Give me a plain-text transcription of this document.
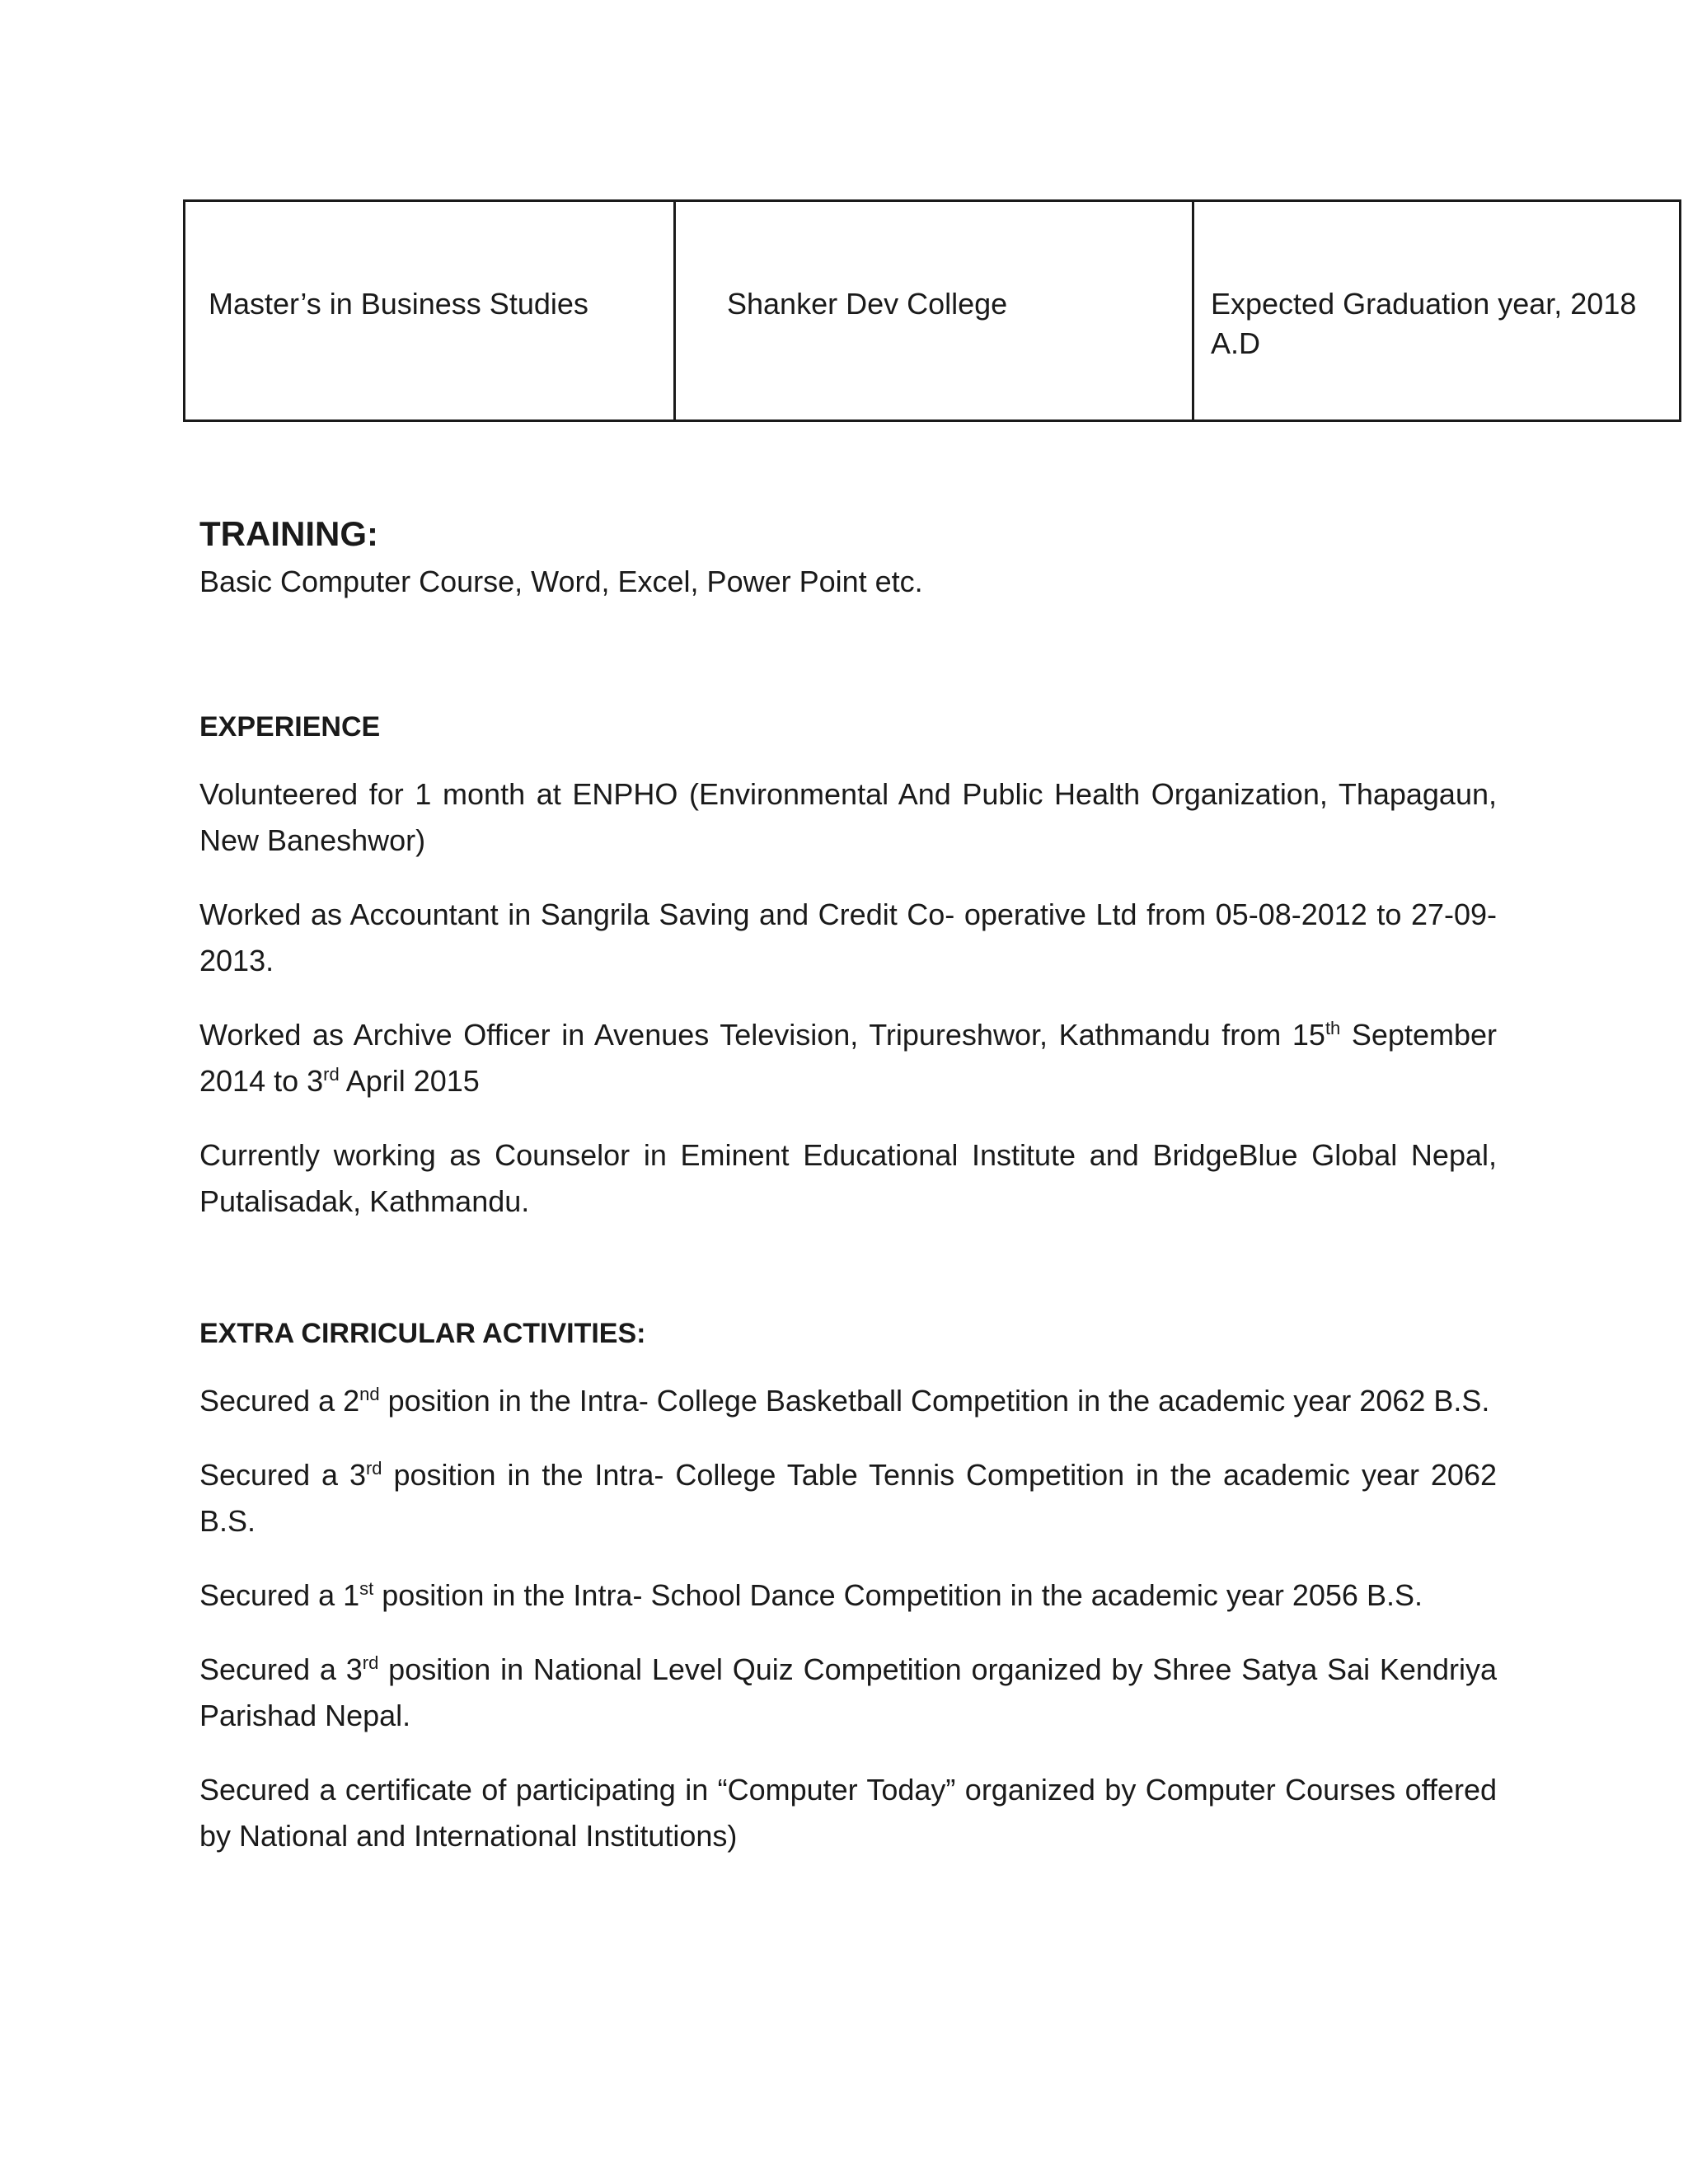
Master’s in Business Studies	Shanker Dev College	Expected Graduation year, 2018 A.D
TRAINING:

Basic Computer Course, Word, Excel, Power Point etc.

EXPERIENCE

Volunteered for 1 month at ENPHO (Environmental And Public Health Organization, Thapagaun, New Baneshwor)

Worked as Accountant in Sangrila Saving and Credit Co- operative Ltd from 05-08-2012 to 27-09-2013.

Worked as Archive Officer in Avenues Television, Tripureshwor, Kathmandu from 15th September 2014 to 3rd April 2015

Currently working as Counselor in Eminent Educational Institute and BridgeBlue Global Nepal, Putalisadak, Kathmandu.

EXTRA CIRRICULAR ACTIVITIES:

Secured a 2nd position in the Intra- College Basketball Competition in the academic year 2062 B.S.

Secured a 3rd position in the Intra- College Table Tennis Competition in the academic year 2062 B.S.

Secured a 1st position in the Intra- School Dance Competition in the academic year 2056 B.S.

Secured a 3rd position in National Level Quiz Competition organized by Shree Satya Sai Kendriya Parishad Nepal.

Secured a certificate of participating in “Computer Today” organized by Computer Courses offered by National and International Institutions)
